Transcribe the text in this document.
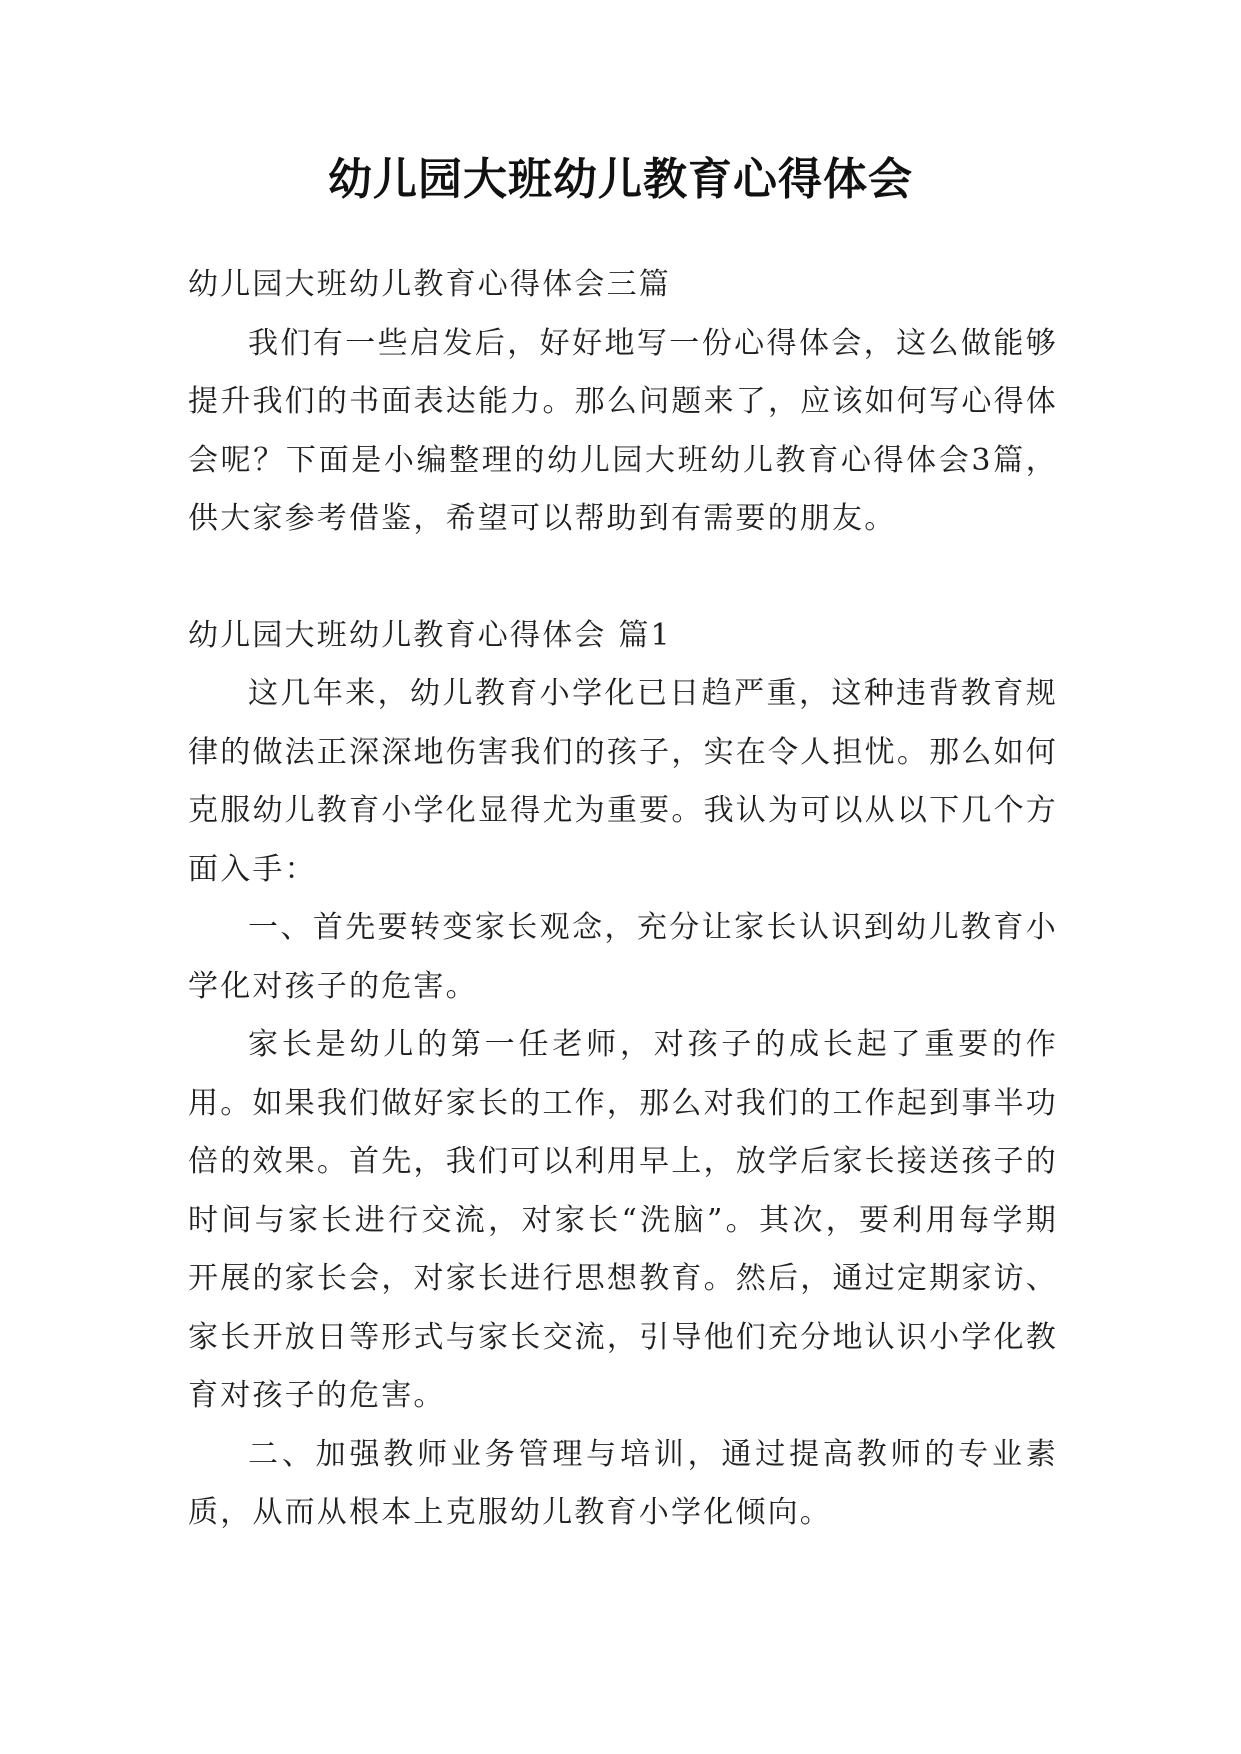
幼儿园大班幼儿教育心得体会

幼儿园大班幼儿教育心得体会三篇

我们有一些启发后，好好地写一份心得体会，这么做能够提升我们的书面表达能力。那么问题来了，应该如何写心得体会呢？下面是小编整理的幼儿园大班幼儿教育心得体会3篇，供大家参考借鉴，希望可以帮助到有需要的朋友。

幼儿园大班幼儿教育心得体会 篇1

这几年来，幼儿教育小学化已日趋严重，这种违背教育规律的做法正深深地伤害我们的孩子，实在令人担忧。那么如何克服幼儿教育小学化显得尤为重要。我认为可以从以下几个方面入手：

一、首先要转变家长观念，充分让家长认识到幼儿教育小学化对孩子的危害。

家长是幼儿的第一任老师，对孩子的成长起了重要的作用。如果我们做好家长的工作，那么对我们的工作起到事半功倍的效果。首先，我们可以利用早上，放学后家长接送孩子的时间与家长进行交流，对家长“洗脑”。其次，要利用每学期开展的家长会，对家长进行思想教育。然后，通过定期家访、家长开放日等形式与家长交流，引导他们充分地认识小学化教育对孩子的危害。

二、加强教师业务管理与培训，通过提高教师的专业素质，从而从根本上克服幼儿教育小学化倾向。
